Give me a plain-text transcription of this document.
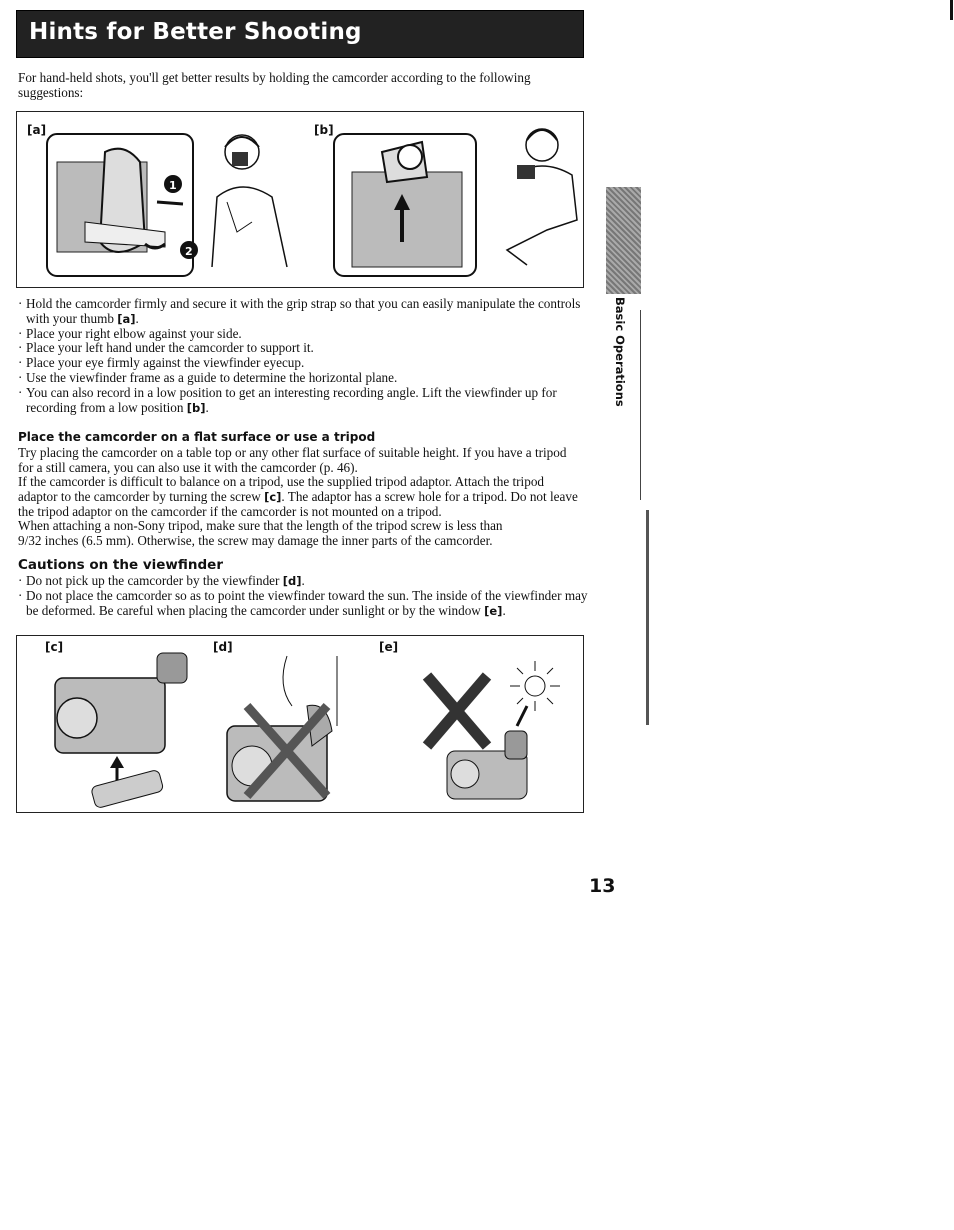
Hints for Better Shooting
For hand-held shots, you'll get better results by holding the camcorder according to the following suggestions:
[a]	[b]
1
2
· Hold the camcorder firmly and secure it with the grip strap so that you can easily manipulate the controls with your thumb [a].
· Place your right elbow against your side.
· Place your left hand under the camcorder to support it.
· Place your eye firmly against the viewfinder eyecup.
· Use the viewfinder frame as a guide to determine the horizontal plane.
· You can also record in a low position to get an interesting recording angle. Lift the viewfinder up for recording from a low position [b].
Place the camcorder on a flat surface or use a tripod
Try placing the camcorder on a table top or any other flat surface of suitable height. If you have a tripod for a still camera, you can also use it with the camcorder (p. 46).
If the camcorder is difficult to balance on a tripod, use the supplied tripod adaptor. Attach the tripod adaptor to the camcorder by turning the screw [c]. The adaptor has a screw hole for a tripod. Do not leave the tripod adaptor on the camcorder if the camcorder is not mounted on a tripod.
When attaching a non-Sony tripod, make sure that the length of the tripod screw is less than 9/32 inches (6.5 mm). Otherwise, the screw may damage the inner parts of the camcorder.
Cautions on the viewfinder
· Do not pick up the camcorder by the viewfinder [d].
· Do not place the camcorder so as to point the viewfinder toward the sun. The inside of the viewfinder may be deformed. Be careful when placing the camcorder under sunlight or by the window [e].
[c]	[d]	[e]
Basic Operations
13
